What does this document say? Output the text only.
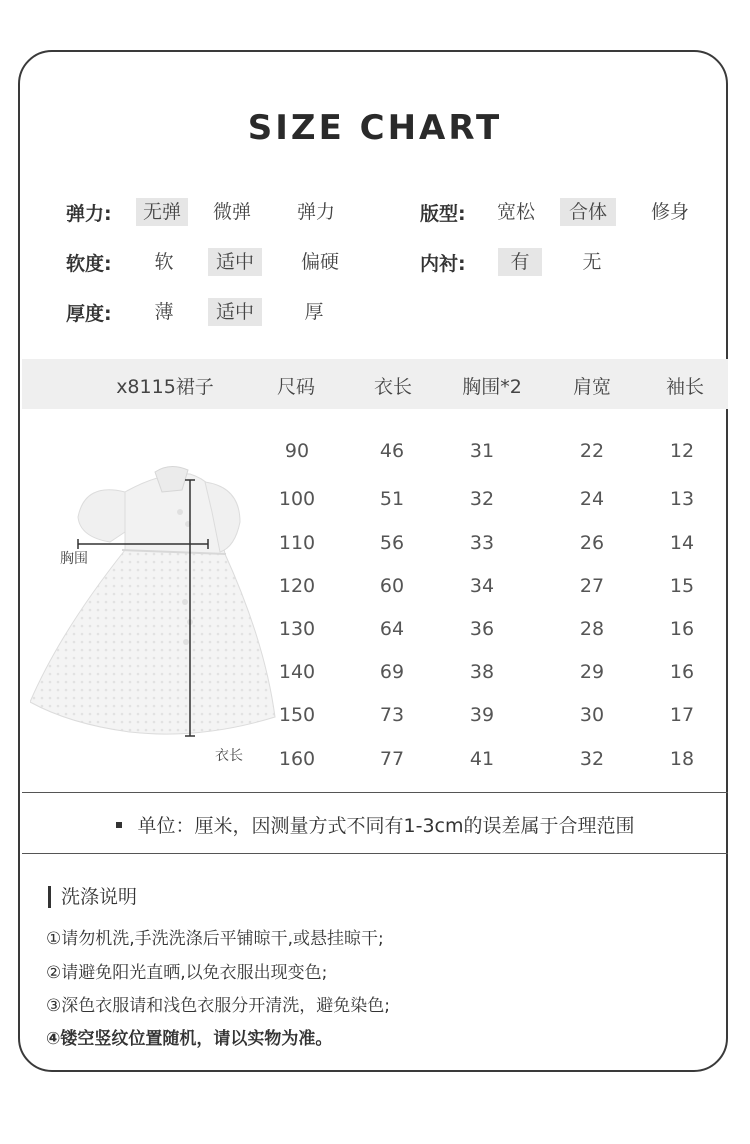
SIZE CHART
弹力:	无弹	微弹	弹力	版型:	宽松	合体	修身
软度:	软	适中	偏硬	内衬:	有	无
厚度:	薄	适中	厚
x8115裙子	尺码	衣长	胸围*2	肩宽	袖长
90	46	31	22	12
100	51	32	24	13
110	56	33	26	14
120	60	34	27	15
130	64	36	28	16
140	69	38	29	16
150	73	39	30	17
160	77	41	32	18
胸围
衣长
单位：厘米，因测量方式不同有1-3cm的误差属于合理范围
洗涤说明
①请勿机洗,手洗洗涤后平铺晾干,或悬挂晾干;
②请避免阳光直晒,以免衣服出现变色;
③深色衣服请和浅色衣服分开清洗，避免染色;
④镂空竖纹位置随机，请以实物为准。
